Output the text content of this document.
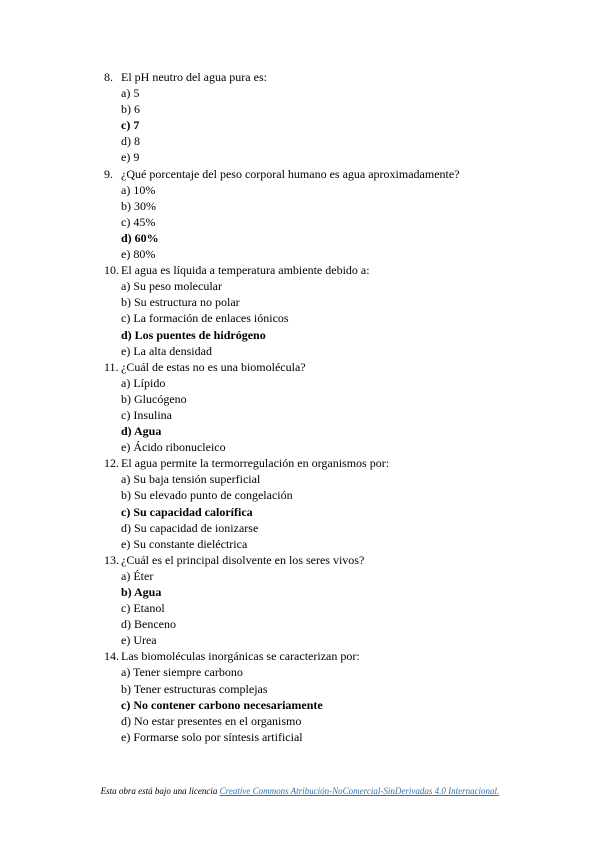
8. El pH neutro del agua pura es:
a) 5
b) 6
c) 7
d) 8
e) 9
9. ¿Qué porcentaje del peso corporal humano es agua aproximadamente?
a) 10%
b) 30%
c) 45%
d) 60%
e) 80%
10. El agua es líquida a temperatura ambiente debido a:
a) Su peso molecular
b) Su estructura no polar
c) La formación de enlaces iónicos
d) Los puentes de hidrógeno
e) La alta densidad
11. ¿Cuál de estas no es una biomolécula?
a) Lípido
b) Glucógeno
c) Insulina
d) Agua
e) Ácido ribonucleico
12. El agua permite la termorregulación en organismos por:
a) Su baja tensión superficial
b) Su elevado punto de congelación
c) Su capacidad calorífica
d) Su capacidad de ionizarse
e) Su constante dieléctrica
13. ¿Cuál es el principal disolvente en los seres vivos?
a) Éter
b) Agua
c) Etanol
d) Benceno
e) Urea
14. Las biomoléculas inorgánicas se caracterizan por:
a) Tener siempre carbono
b) Tener estructuras complejas
c) No contener carbono necesariamente
d) No estar presentes en el organismo
e) Formarse solo por síntesis artificial
Esta obra está bajo una licencia Creative Commons Atribución-NoComercial-SinDerivadas 4.0 Internacional.
